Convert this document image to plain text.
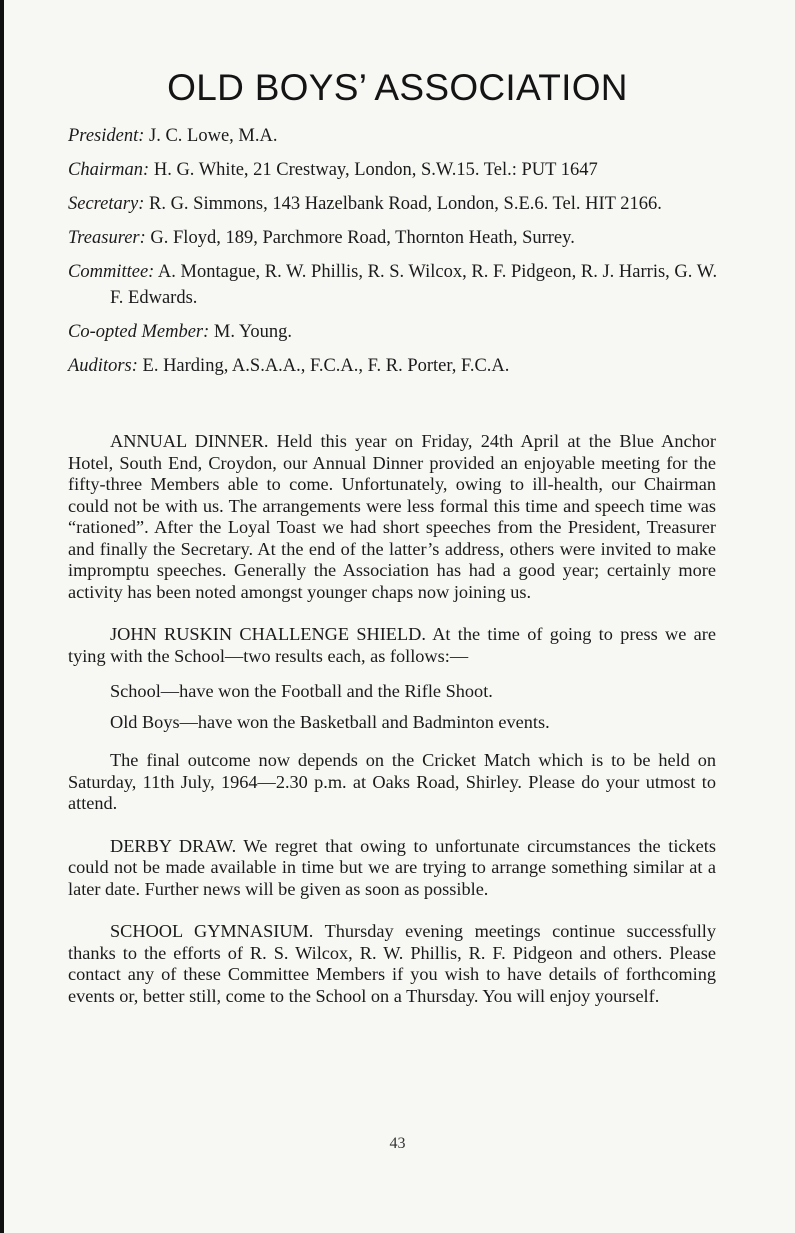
OLD BOYS’ ASSOCIATION

President: J. C. Lowe, M.A.

Chairman: H. G. White, 21 Crestway, London, S.W.15. Tel.: PUT 1647

Secretary: R. G. Simmons, 143 Hazelbank Road, London, S.E.6. Tel. HIT 2166.

Treasurer: G. Floyd, 189, Parchmore Road, Thornton Heath, Surrey.

Committee: A. Montague, R. W. Phillis, R. S. Wilcox, R. F. Pidgeon, R. J. Harris, G. W. F. Edwards.

Co-opted Member: M. Young.

Auditors: E. Harding, A.S.A.A., F.C.A., F. R. Porter, F.C.A.

ANNUAL DINNER. Held this year on Friday, 24th April at the Blue Anchor Hotel, South End, Croydon, our Annual Dinner provided an enjoyable meeting for the fifty-three Members able to come. Unfortunately, owing to ill-health, our Chairman could not be with us. The arrangements were less formal this time and speech time was “rationed”. After the Loyal Toast we had short speeches from the President, Treasurer and finally the Secretary. At the end of the latter’s address, others were invited to make impromptu speeches. Generally the Association has had a good year; certainly more activity has been noted amongst younger chaps now joining us.

JOHN RUSKIN CHALLENGE SHIELD. At the time of going to press we are tying with the School—two results each, as follows:—

School—have won the Football and the Rifle Shoot.

Old Boys—have won the Basketball and Badminton events.

The final outcome now depends on the Cricket Match which is to be held on Saturday, 11th July, 1964—2.30 p.m. at Oaks Road, Shirley. Please do your utmost to attend.

DERBY DRAW. We regret that owing to unfortunate circumstances the tickets could not be made available in time but we are trying to arrange something similar at a later date. Further news will be given as soon as possible.

SCHOOL GYMNASIUM. Thursday evening meetings continue successfully thanks to the efforts of R. S. Wilcox, R. W. Phillis, R. F. Pidgeon and others. Please contact any of these Committee Members if you wish to have details of forthcoming events or, better still, come to the School on a Thursday. You will enjoy yourself.

43
